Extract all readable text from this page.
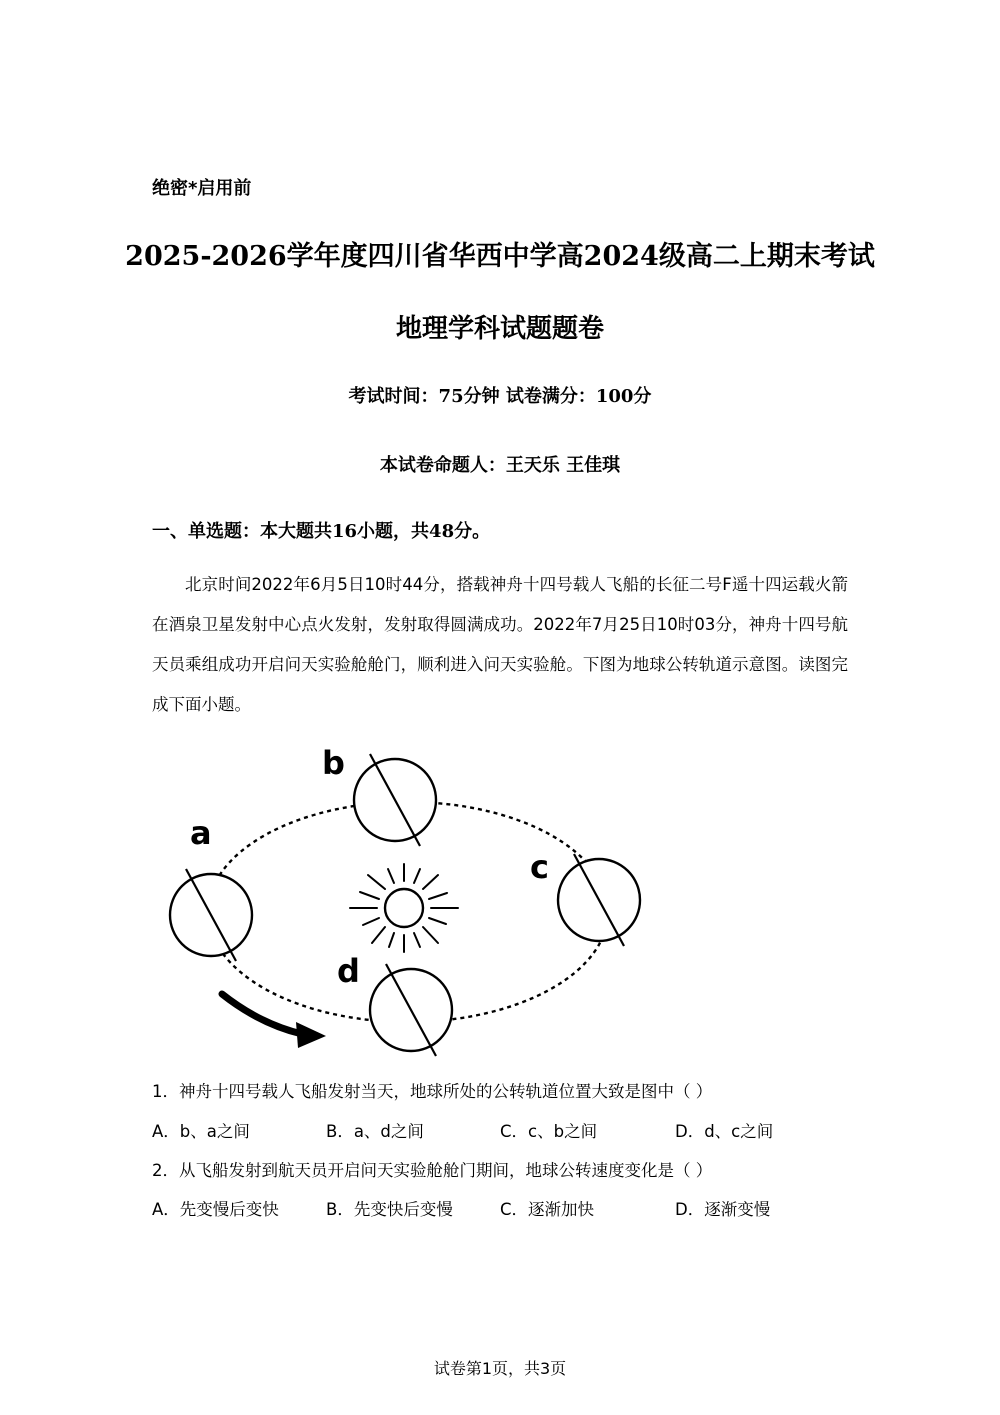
绝密*启用前
2025-2026学年度四川省华西中学高2024级高二上期末考试
地理学科试题题卷
考试时间：75分钟 试卷满分：100分
本试卷命题人：王天乐 王佳琪
一、单选题：本大题共16小题，共48分。
北京时间2022年6月5日10时44分，搭载神舟十四号载人飞船的长征二号F遥十四运载火箭在酒泉卫星发射中心点火发射，发射取得圆满成功。2022年7月25日10时03分，神舟十四号航天员乘组成功开启问天实验舱舱门，顺利进入问天实验舱。下图为地球公转轨道示意图。读图完成下面小题。
a
b
c
d
1．神舟十四号载人飞船发射当天，地球所处的公转轨道位置大致是图中（ ）
A．b、a之间	B．a、d之间	C．c、b之间	D．d、c之间
2．从飞船发射到航天员开启问天实验舱舱门期间，地球公转速度变化是（ ）
A．先变慢后变快	B．先变快后变慢	C．逐渐加快	D．逐渐变慢
试卷第1页，共3页
